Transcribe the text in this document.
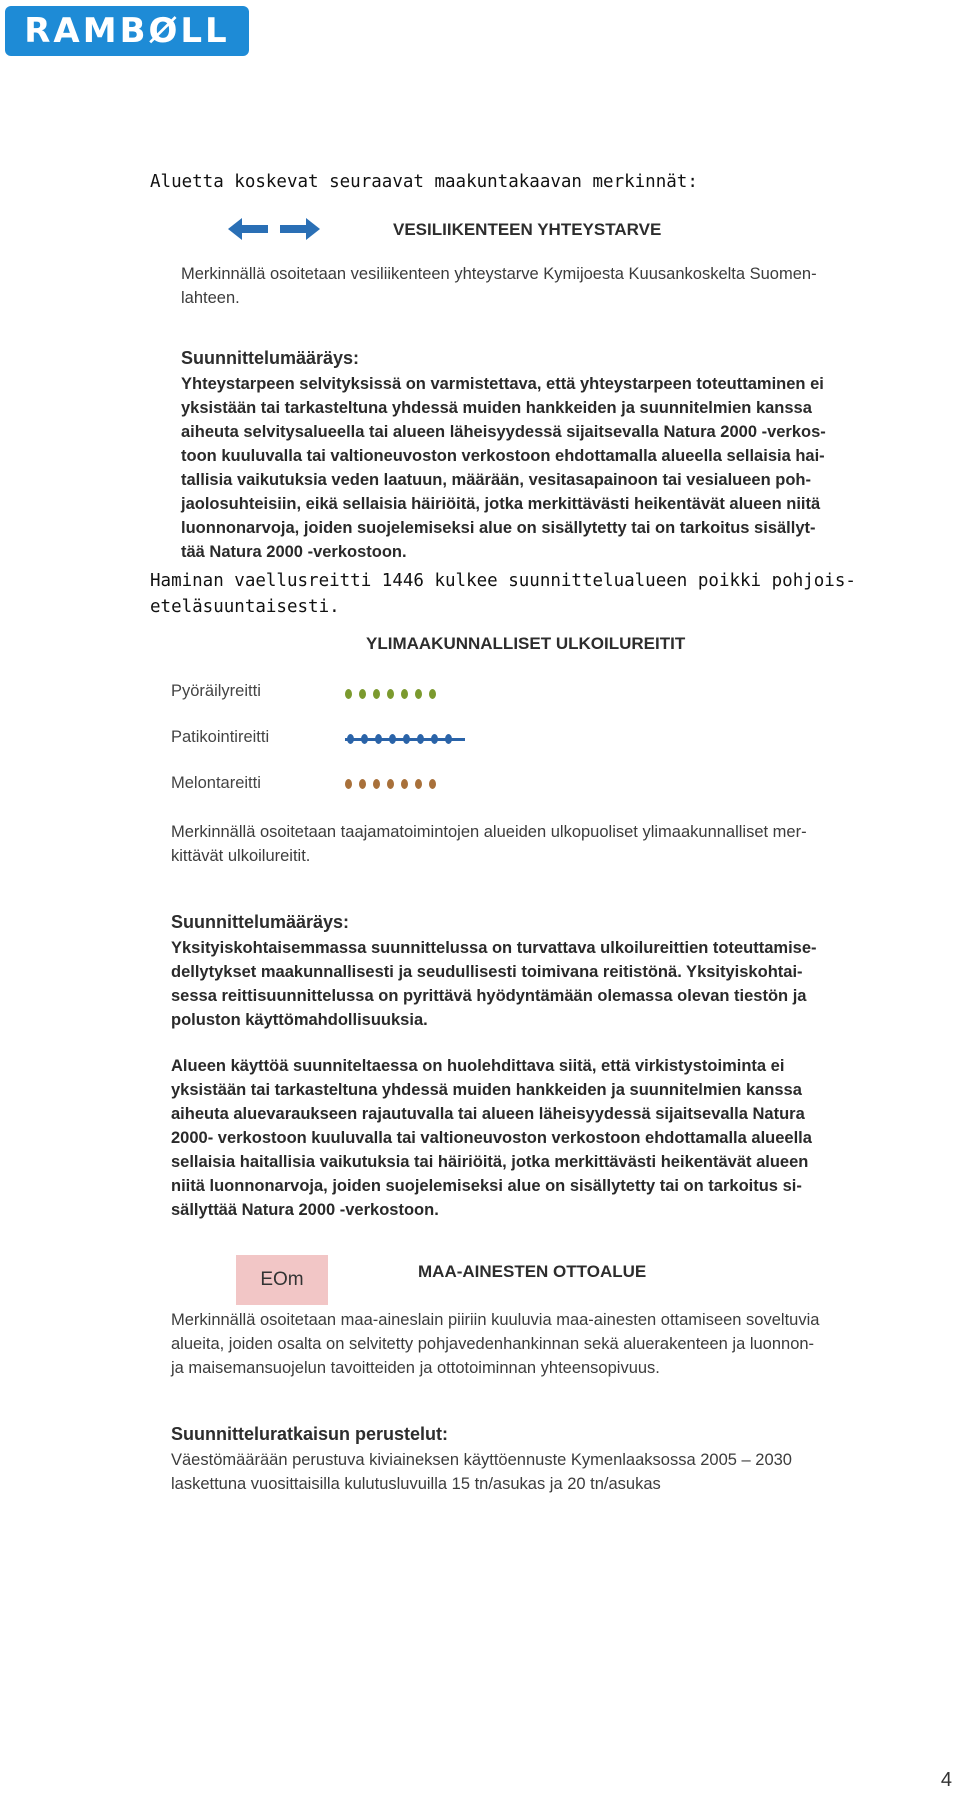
RAMBØLL
Aluetta koskevat seuraavat maakuntakaavan merkinnät:
VESILIIKENTEEN YHTEYSTARVE
Merkinnällä osoitetaan vesiliikenteen yhteystarve Kymijoesta Kuusankoskelta Suomen-
lahteen.
Suunnittelumääräys:
Yhteystarpeen selvityksissä on varmistettava, että yhteystarpeen toteuttaminen ei
yksistään tai tarkasteltuna yhdessä muiden hankkeiden ja suunnitelmien kanssa
aiheuta selvitysalueella tai alueen läheisyydessä sijaitsevalla Natura 2000 -verkos-
toon kuuluvalla tai valtioneuvoston verkostoon ehdottamalla alueella sellaisia hai-
tallisia vaikutuksia veden laatuun, määrään, vesitasapainoon tai vesialueen poh-
jaolosuhteisiin, eikä sellaisia häiriöitä, jotka merkittävästi heikentävät alueen niitä
luonnonarvoja, joiden suojelemiseksi alue on sisällytetty tai on tarkoitus sisällyt-
tää Natura 2000 -verkostoon.
Haminan vaellusreitti 1446 kulkee suunnittelualueen poikki pohjois-
eteläsuuntaisesti.
YLIMAAKUNNALLISET ULKOILUREITIT
Pyöräilyreitti
Patikointireitti
Melontareitti
Merkinnällä osoitetaan taajamatoimintojen alueiden ulkopuoliset ylimaakunnalliset mer-
kittävät ulkoilureitit.
Suunnittelumääräys:
Yksityiskohtaisemmassa suunnittelussa on turvattava ulkoilureittien toteuttamise-
dellytykset maakunnallisesti ja seudullisesti toimivana reitistönä. Yksityiskohtai-
sessa reittisuunnittelussa on pyrittävä hyödyntämään olemassa olevan tiestön ja
poluston käyttömahdollisuuksia.
Alueen käyttöä suunniteltaessa on huolehdittava siitä, että virkistystoiminta ei
yksistään tai tarkasteltuna yhdessä muiden hankkeiden ja suunnitelmien kanssa
aiheuta aluevaraukseen rajautuvalla tai alueen läheisyydessä sijaitsevalla Natura
2000- verkostoon kuuluvalla tai valtioneuvoston verkostoon ehdottamalla alueella
sellaisia haitallisia vaikutuksia tai häiriöitä, jotka merkittävästi heikentävät alueen
niitä luonnonarvoja, joiden suojelemiseksi alue on sisällytetty tai on tarkoitus si-
sällyttää Natura 2000 -verkostoon.
EOm	MAA-AINESTEN OTTOALUE
Merkinnällä osoitetaan maa-aineslain piiriin kuuluvia maa-ainesten ottamiseen soveltuvia
alueita, joiden osalta on selvitetty pohjavedenhankinnan sekä aluerakenteen ja luonnon-
ja maisemansuojelun tavoitteiden ja ottotoiminnan yhteensopivuus.
Suunnitteluratkaisun perustelut:
Väestömäärään perustuva kiviaineksen käyttöennuste Kymenlaaksossa 2005 – 2030
laskettuna vuosittaisilla kulutusluvuilla 15 tn/asukas ja 20 tn/asukas
4
